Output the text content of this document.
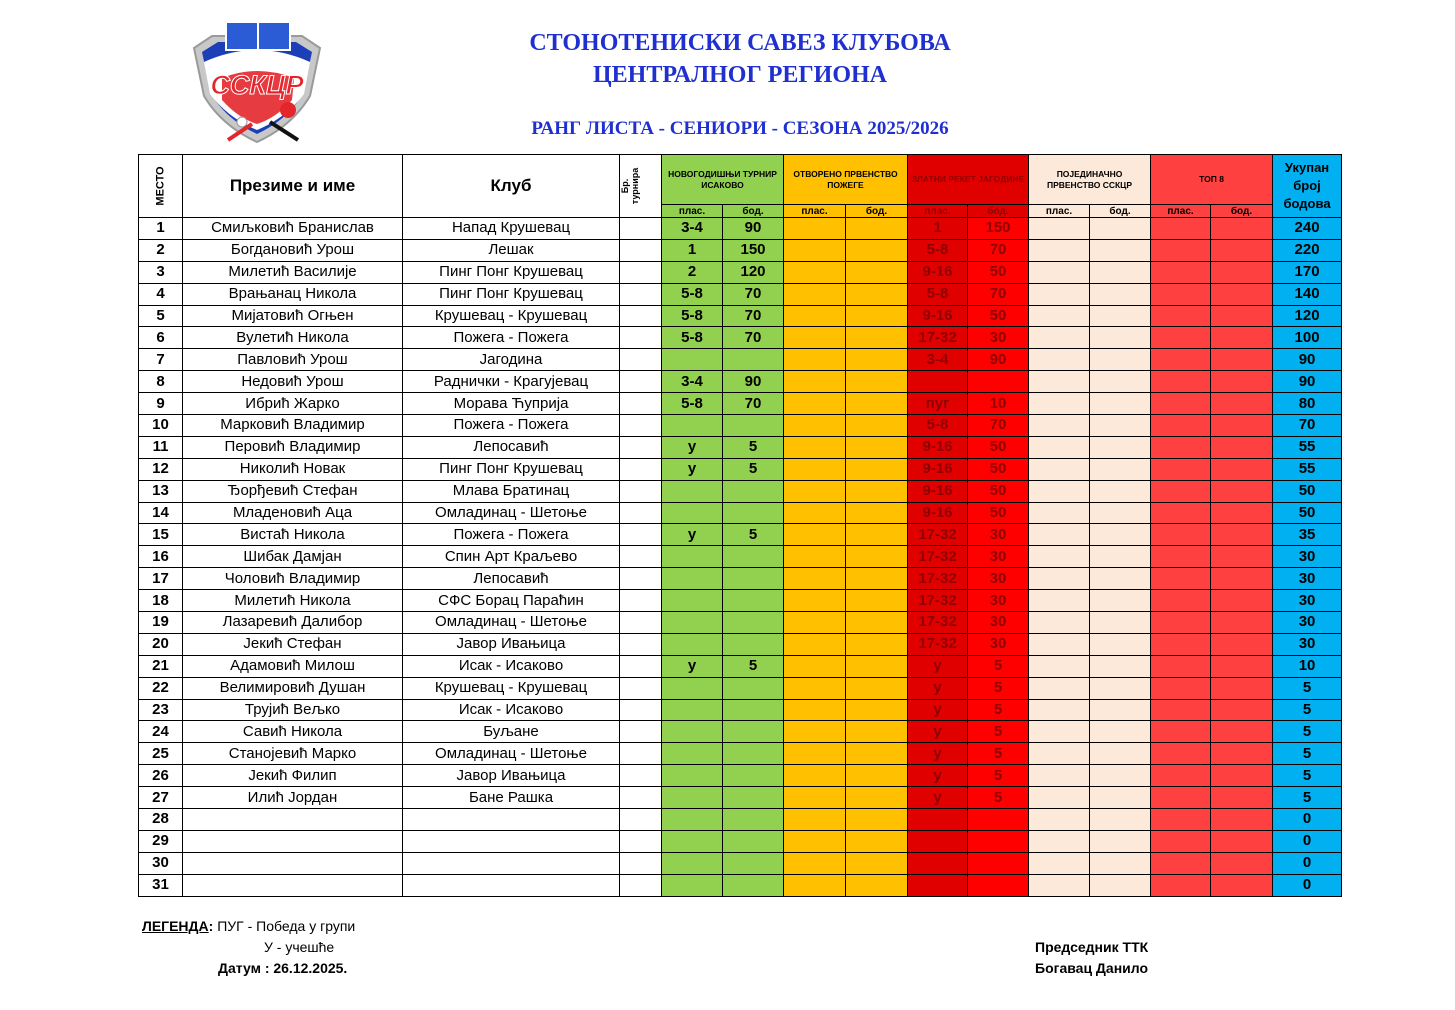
ССКЦР
СТОНОТЕНИСКИ САВЕЗ КЛУБОВА
ЦЕНТРАЛНОГ РЕГИОНА
РАНГ ЛИСТА - СЕНИОРИ - СЕЗОНА 2025/2026
МЕСТО	Презиме и име	Клуб	Бр. турнира	НОВОГОДИШЊИ ТУРНИР ИСАКОВО		ОТВОРЕНО ПРВЕНСТВО ПОЖЕГЕ		ЗЛАТНИ РЕКЕТ ЈАГОДИНЕ		ПОЈЕДИНАЧНО ПРВЕНСТВО ССКЦР		ТОП 8		Укупан број бодова
				плас.	бод.	плас.	бод.	плас.	бод.	плас.	бод.	плас.	бод.	
1	Смиљковић Бранислав	Напад Крушевац		3-4	90			1	150					240
2	Богдановић Урош	Лешак		1	150			5-8	70					220
3	Милетић Василије	Пинг Понг Крушевац		2	120			9-16	50					170
4	Врањанац Никола	Пинг Понг Крушевац		5-8	70			5-8	70					140
5	Мијатовић Огњен	Крушевац - Крушевац		5-8	70			9-16	50					120
6	Вулетић Никола	Пожега - Пожега		5-8	70			17-32	30					100
7	Павловић Урош	Јагодина						3-4	90					90
8	Недовић Урош	Раднички - Крагујевац		3-4	90									90
9	Ибрић Жарко	Морава Ћуприја		5-8	70			пуг	10					80
10	Марковић Владимир	Пожега - Пожега						5-8	70					70
11	Перовић Владимир	Лепосавић		у	5			9-16	50					55
12	Николић Новак	Пинг Понг Крушевац		у	5			9-16	50					55
13	Ђорђевић Стефан	Млава Братинац						9-16	50					50
14	Младеновић Аца	Омладинац - Шетоње						9-16	50					50
15	Вистаћ Никола	Пожега - Пожега		у	5			17-32	30					35
16	Шибак Дамјан	Спин Арт Краљево						17-32	30					30
17	Чоловић Владимир	Лепосавић						17-32	30					30
18	Милетић Никола	СФС Борац Параћин						17-32	30					30
19	Лазаревић Далибор	Омладинац - Шетоње						17-32	30					30
20	Јекић Стефан	Јавор Ивањица						17-32	30					30
21	Адамовић Милош	Исак - Исаково		у	5			у	5					10
22	Велимировић Душан	Крушевац - Крушевац						у	5					5
23	Трујић Вељко	Исак - Исаково						у	5					5
24	Савић Никола	Буљане						у	5					5
25	Станојевић Марко	Омладинац - Шетоње						у	5					5
26	Јекић Филип	Јавор Ивањица						у	5					5
27	Илић Јордан	Бане Рашка						у	5					5
28														0
29														0
30														0
31														0
ЛЕГЕНДА: ПУГ - Победа у групи
У - учешће
Датум : 26.12.2025.
Председник ТТК
Богавац Данило
